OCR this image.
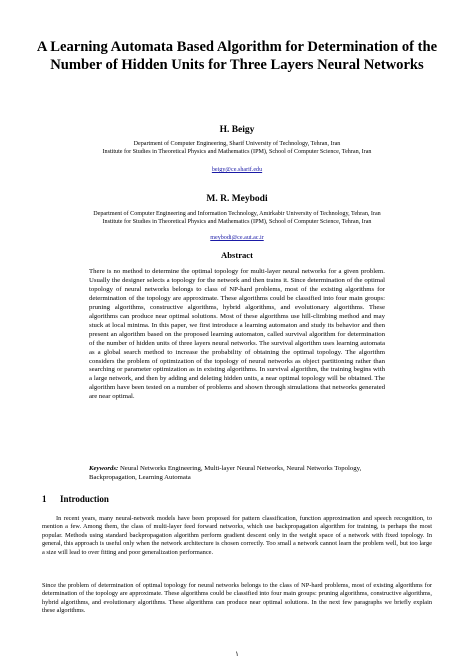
A Learning Automata Based Algorithm for Determination of the Number of Hidden Units for Three Layers Neural Networks
H. Beigy
Department of Computer Engineering, Sharif University of Technology, Tehran, Iran
Institute for Studies in Theoretical Physics and Mathematics (IPM), School of Computer Science, Tehran, Iran
beigy@ce.sharif.edu
M. R. Meybodi
Department of Computer Engineering and Information Technology, Amirkabir University of Technology, Tehran, Iran
Institute for Studies in Theoretical Physics and Mathematics (IPM), School of Computer Science, Tehran, Iran
meybodi@ce.aut.ac.ir
Abstract
There is no method to determine the optimal topology for multi-layer neural networks for a given problem. Usually the designer selects a topology for the network and then trains it. Since determination of the optimal topology of neural networks belongs to class of NP-hard problems, most of the existing algorithms for determination of the topology are approximate. These algorithms could be classified into four main groups: pruning algorithms, constructive algorithms, hybrid algorithms, and evolutionary algorithms. These algorithms can produce near optimal solutions. Most of these algorithms use hill-climbing method and may stuck at local minima. In this paper, we first introduce a learning automaton and study its behavior and then present an algorithm based on the proposed learning automaton, called survival algorithm for determination of the number of hidden units of three layers neural networks. The survival algorithm uses learning automata as a global search method to increase the probability of obtaining the optimal topology. The algorithm considers the problem of optimization of the topology of neural networks as object partitioning rather than searching or parameter optimization as in existing algorithms. In survival algorithm, the training begins with a large network, and then by adding and deleting hidden units, a near optimal topology will be obtained. The algorithm have been tested on a number of problems and shown through simulations that networks generated are near optimal.
Keywords: Neural Networks Engineering, Multi-layer Neural Networks, Neural Networks Topology, Backpropagation, Learning Automata
1 Introduction
In recent years, many neural-network models have been proposed for pattern classification, function approximation and speech recognition, to mention a few. Among them, the class of multi-layer feed forward networks, which use backpropagation algorithm for training, is perhaps the most popular. Methods using standard backpropagation algorithm perform gradient descent only in the weight space of a network with fixed topology. In general, this approach is useful only when the network architecture is chosen correctly. Too small a network cannot learn the problem well, but too large a size will lead to over fitting and poor generalization performance.
Since the problem of determination of optimal topology for neural networks belongs to the class of NP-hard problems, most of existing algorithms for determination of the topology are approximate. These algorithms could be classified into four main groups: pruning algorithms, constructive algorithms, hybrid algorithms, and evolutionary algorithms. These algorithms can produce near optimal solutions. In the next few paragraphs we briefly explain these algorithms.
١
